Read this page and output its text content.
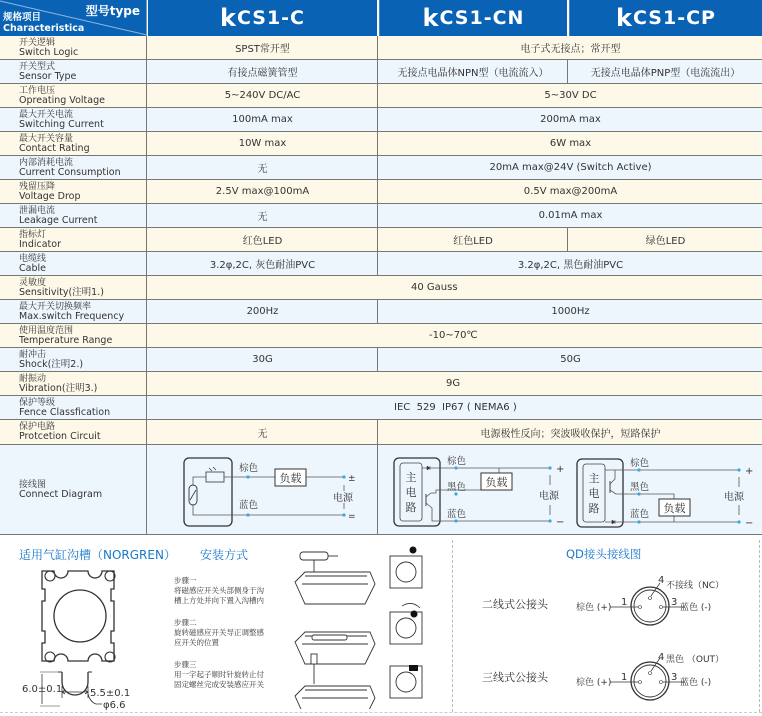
型号type
规格项目
Characteristica	k CS1-C	k CS1-CN	k CS1-CP
开关逻辑
Switch Logic	SPST常开型	电子式无接点；常开型
开关型式
Sensor Type	有接点磁簧管型	无接点电晶体NPN型（电流流入）	无接点电晶体PNP型（电流流出）
工作电压
Opreating Voltage	5~240V DC/AC	5~30V DC
最大开关电流
Switching Current	100mA max	200mA max
最大开关容量
Contact Rating	10W max	6W max
内部消耗电流
Current Consumption	无	20mA max@24V (Switch Active)
残留压降
Voltage Drop	2.5V max@100mA	0.5V max@200mA
泄漏电流
Leakage Current	无	0.01mA max
指标灯
Indicator	红色LED	红色LED	绿色LED
电缆线
Cable	3.2φ,2C, 灰色耐油PVC	3.2φ,2C, 黑色耐油PVC
灵敏度
Sensitivity(注明1.)	40 Gauss
最大开关切换频率
Max.switch Frequency	200Hz	1000Hz
使用温度范围
Temperature Range	-10~70℃
耐冲击
Shock(注明2.)	30G	50G
耐振动
Vibration(注明3.)	9G
保护等级
Fence Classfication	IEC  529  IP67 ( NEMA6 )
保护电路
Protcetion Circuit	无	电源极性反向；突波吸收保护，短路保护
接线图
Connect Diagram
负载
棕色
蓝色
电源
±
=
主
电
路
负载
棕色
黑色
蓝色
电源
+
−
主
电
路	负载
棕色
黑色
蓝色
电源
+
−
适用气缸沟槽（NORGREN） 安装方式
5.5±0.1
6.0±0.1
φ6.6
步骤一
将磁感应开关头部侧身于沟
槽上方处并向下置入沟槽内
步骤二
旋转磁感应开关导正调整感
应开关的位置
步骤三
用一字起子顺时针旋转止付
固定螺丝完成安装感应开关
QD接头接线图
二线式公接头
三线式公接头
1
棕色 (+)	3 蓝色 (-)
4 不接线（NC）
1
棕色 (+)	3 蓝色 (-)
4 黑色 （OUT）
